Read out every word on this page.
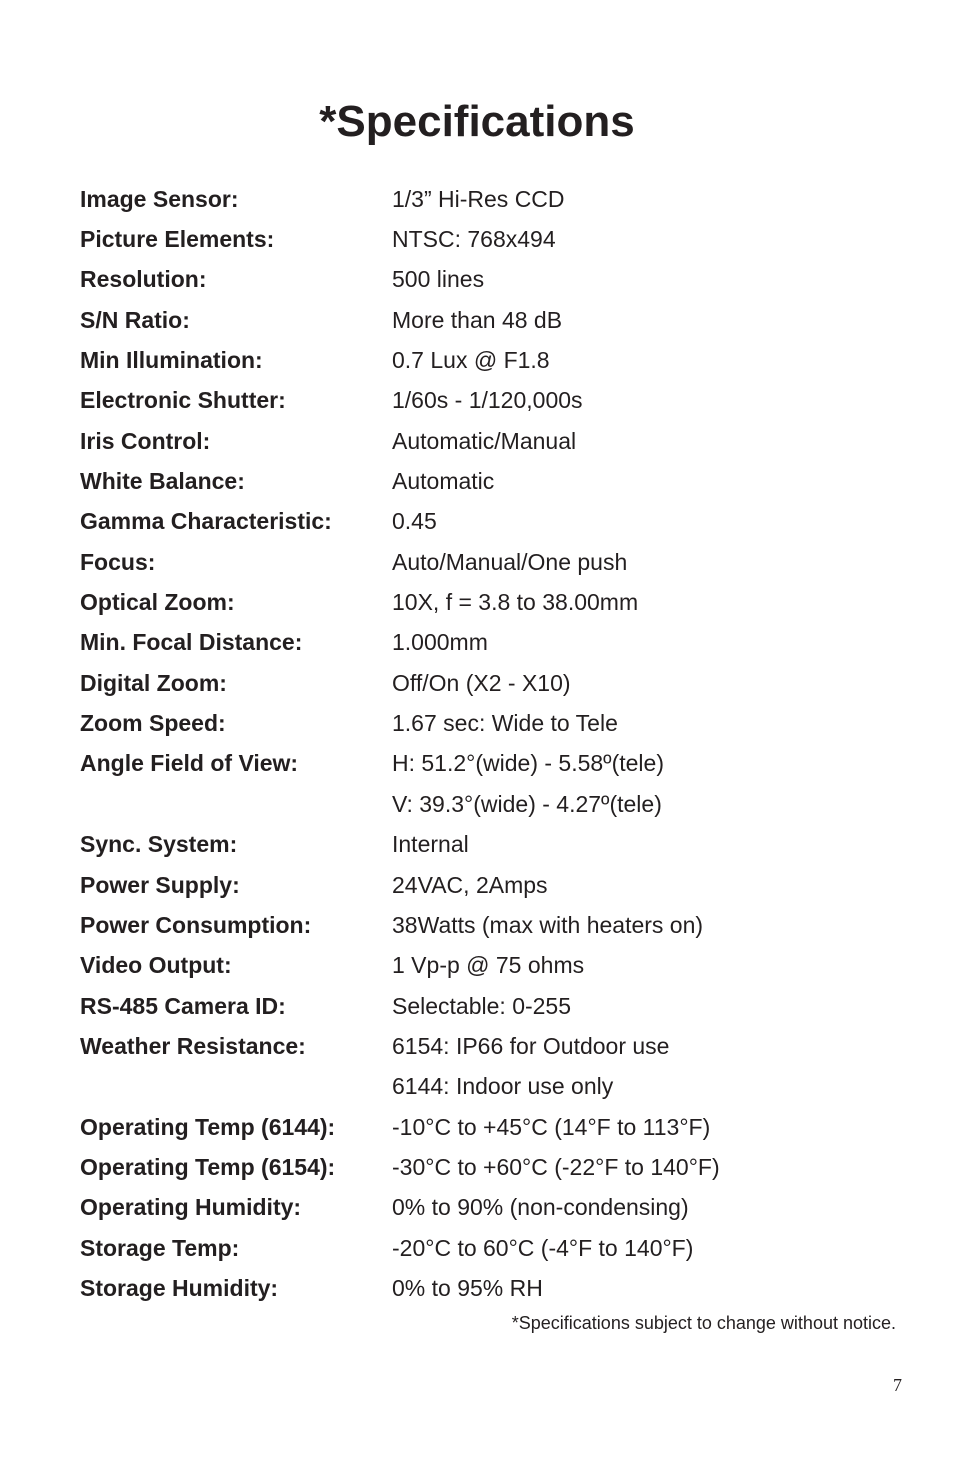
*Specifications
Image Sensor:	1/3” Hi-Res CCD
Picture Elements:	NTSC: 768x494
Resolution:	500 lines
S/N Ratio:	More than 48 dB
Min Illumination:	0.7 Lux @ F1.8
Electronic Shutter:	1/60s - 1/120,000s
Iris Control:	Automatic/Manual
White Balance:	Automatic
Gamma Characteristic:	0.45
Focus:	Auto/Manual/One push
Optical Zoom:	10X, f = 3.8 to 38.00mm
Min. Focal Distance:	1.000mm
Digital Zoom:	Off/On (X2 - X10)
Zoom Speed:	1.67 sec: Wide to Tele
Angle Field of View:	H: 51.2°(wide) - 5.58º(tele)
V: 39.3°(wide) - 4.27º(tele)
Sync. System:	Internal
Power Supply:	24VAC, 2Amps
Power Consumption:	38Watts (max with heaters on)
Video Output:	1 Vp-p @ 75 ohms
RS-485 Camera ID:	Selectable: 0-255
Weather Resistance:	6154: IP66 for Outdoor use
6144: Indoor use only
Operating Temp (6144):	-10°C to +45°C (14°F to 113°F)
Operating Temp (6154):	-30°C to +60°C (-22°F to 140°F)
Operating Humidity:	0% to 90% (non-condensing)
Storage Temp:	-20°C to 60°C (-4°F to 140°F)
Storage Humidity:	0% to 95% RH
*Specifications subject to change without notice.
7
